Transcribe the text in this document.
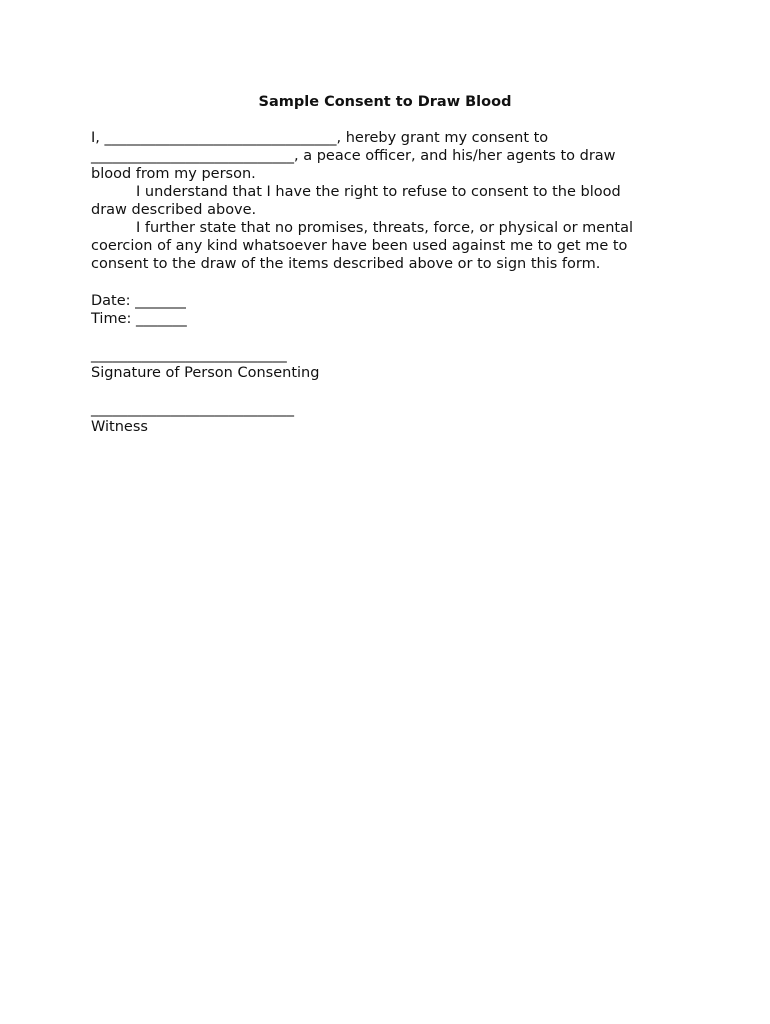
Sample Consent to Draw Blood
I, ________________________________, hereby grant my consent to
____________________________, a peace officer, and his/her agents to draw
blood from my person.
I understand that I have the right to refuse to consent to the blood
draw described above.
I further state that no promises, threats, force, or physical or mental
coercion of any kind whatsoever have been used against me to get me to
consent to the draw of the items described above or to sign this form.
Date: _______
Time: _______
___________________________
Signature of Person Consenting
____________________________
Witness
